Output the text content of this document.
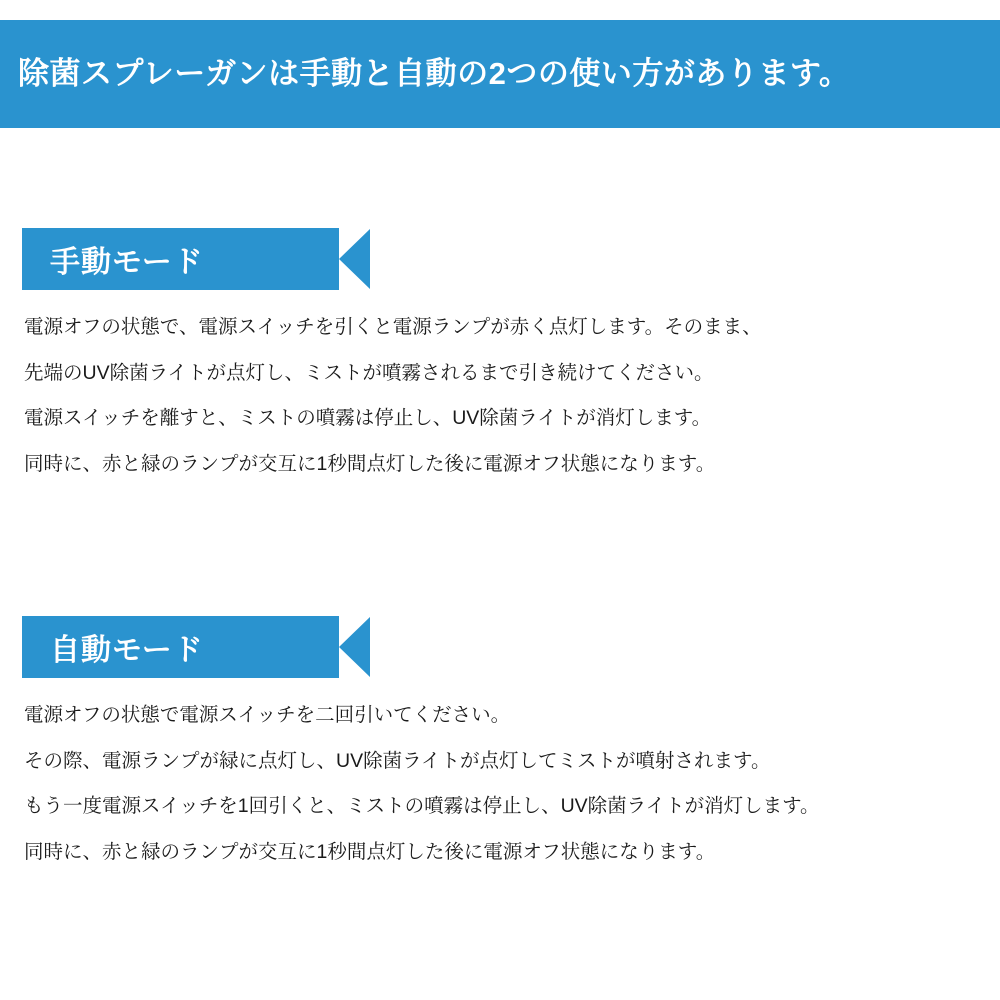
除菌スプレーガンは手動と自動の2つの使い方があります。
手動モード
電源オフの状態で、電源スイッチを引くと電源ランプが赤く点灯します。そのまま、
先端のUV除菌ライトが点灯し、ミストが噴霧されるまで引き続けてください。
電源スイッチを離すと、ミストの噴霧は停止し、UV除菌ライトが消灯します。
同時に、赤と緑のランプが交互に1秒間点灯した後に電源オフ状態になります。
自動モード
電源オフの状態で電源スイッチを二回引いてください。
その際、電源ランプが緑に点灯し、UV除菌ライトが点灯してミストが噴射されます。
もう一度電源スイッチを1回引くと、ミストの噴霧は停止し、UV除菌ライトが消灯します。
同時に、赤と緑のランプが交互に1秒間点灯した後に電源オフ状態になります。
